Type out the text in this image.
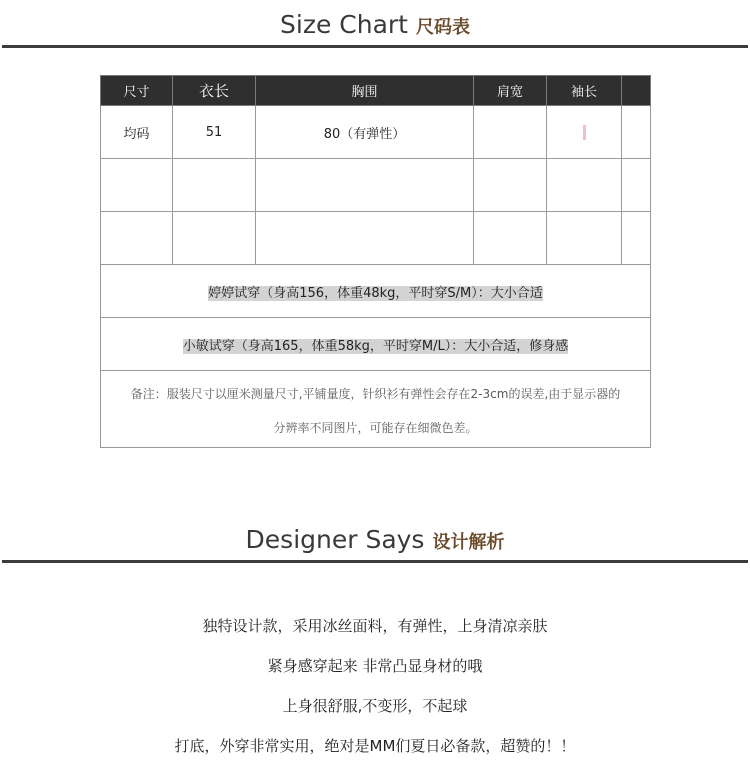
Size Chart 尺码表
尺寸	衣长	胸围	肩宽	袖长	
均码	51	80（有弹性）			

婷婷试穿（身高156，体重48kg，平时穿S/M）：大小合适					
小敏试穿（身高165，体重58kg，平时穿M/L）：大小合适，修身感					

备注：服装尺寸以厘米测量尺寸,平铺量度，针织衫有弹性会存在2-3cm的误差,由于显示器的
分辨率不同图片，可能存在细微色差。					
Designer Says 设计解析
独特设计款，采用冰丝面料，有弹性，上身清凉亲肤
紧身感穿起来 非常凸显身材的哦
上身很舒服,不变形，不起球
打底，外穿非常实用，绝对是MM们夏日必备款，超赞的！！
